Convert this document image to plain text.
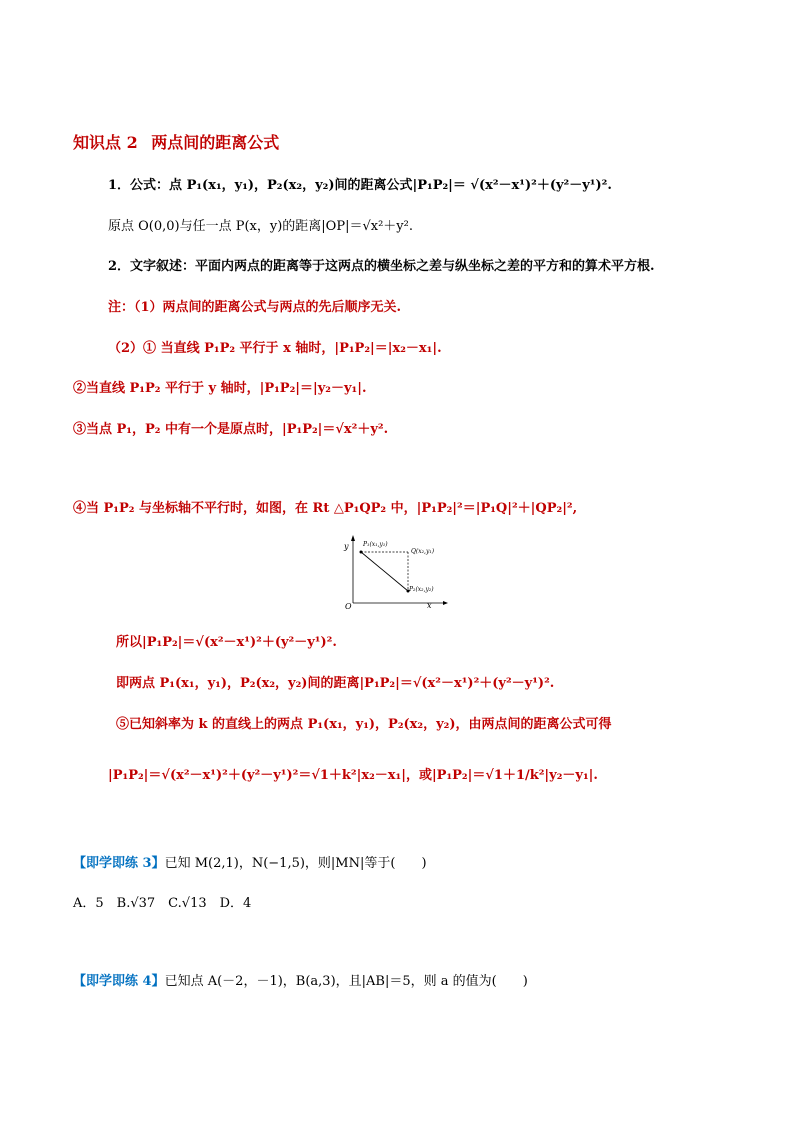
知识点 2 两点间的距离公式
1．公式：点 P₁(x₁，y₁)，P₂(x₂，y₂)间的距离公式|P₁P₂|＝ √(x²－x¹)²＋(y²－y¹)².
原点 O(0,0)与任一点 P(x，y)的距离|OP|＝√x²＋y².
2．文字叙述：平面内两点的距离等于这两点的横坐标之差与纵坐标之差的平方和的算术平方根.
注：（1）两点间的距离公式与两点的先后顺序无关.
（2）① 当直线 P₁P₂ 平行于 x 轴时，|P₁P₂|＝|x₂－x₁|.
②当直线 P₁P₂ 平行于 y 轴时，|P₁P₂|＝|y₂－y₁|.
③当点 P₁，P₂ 中有一个是原点时，|P₁P₂|＝√x²＋y².
④当 P₁P₂ 与坐标轴不平行时，如图，在 Rt △P₁QP₂ 中，|P₁P₂|²＝|P₁Q|²＋|QP₂|²,
y
x
O
P₁(x₁,y₁)
Q(x₂,y₁)
P₂(x₂,y₂)
所以|P₁P₂|＝√(x²－x¹)²＋(y²－y¹)².
即两点 P₁(x₁，y₁)，P₂(x₂，y₂)间的距离|P₁P₂|＝√(x²－x¹)²＋(y²－y¹)².
⑤已知斜率为 k 的直线上的两点 P₁(x₁，y₁)，P₂(x₂，y₂)，由两点间的距离公式可得
|P₁P₂|＝√(x²－x¹)²＋(y²－y¹)²＝√1＋k²|x₂－x₁|，或|P₁P₂|＝√1＋1/k²|y₂－y₁|.
【即学即练 3】已知 M(2,1)，N(−1,5)，则|MN|等于(　　)
A．5　B.√37　C.√13　D．4
【即学即练 4】已知点 A(－2，－1)，B(a,3)，且|AB|＝5，则 a 的值为(　　)
